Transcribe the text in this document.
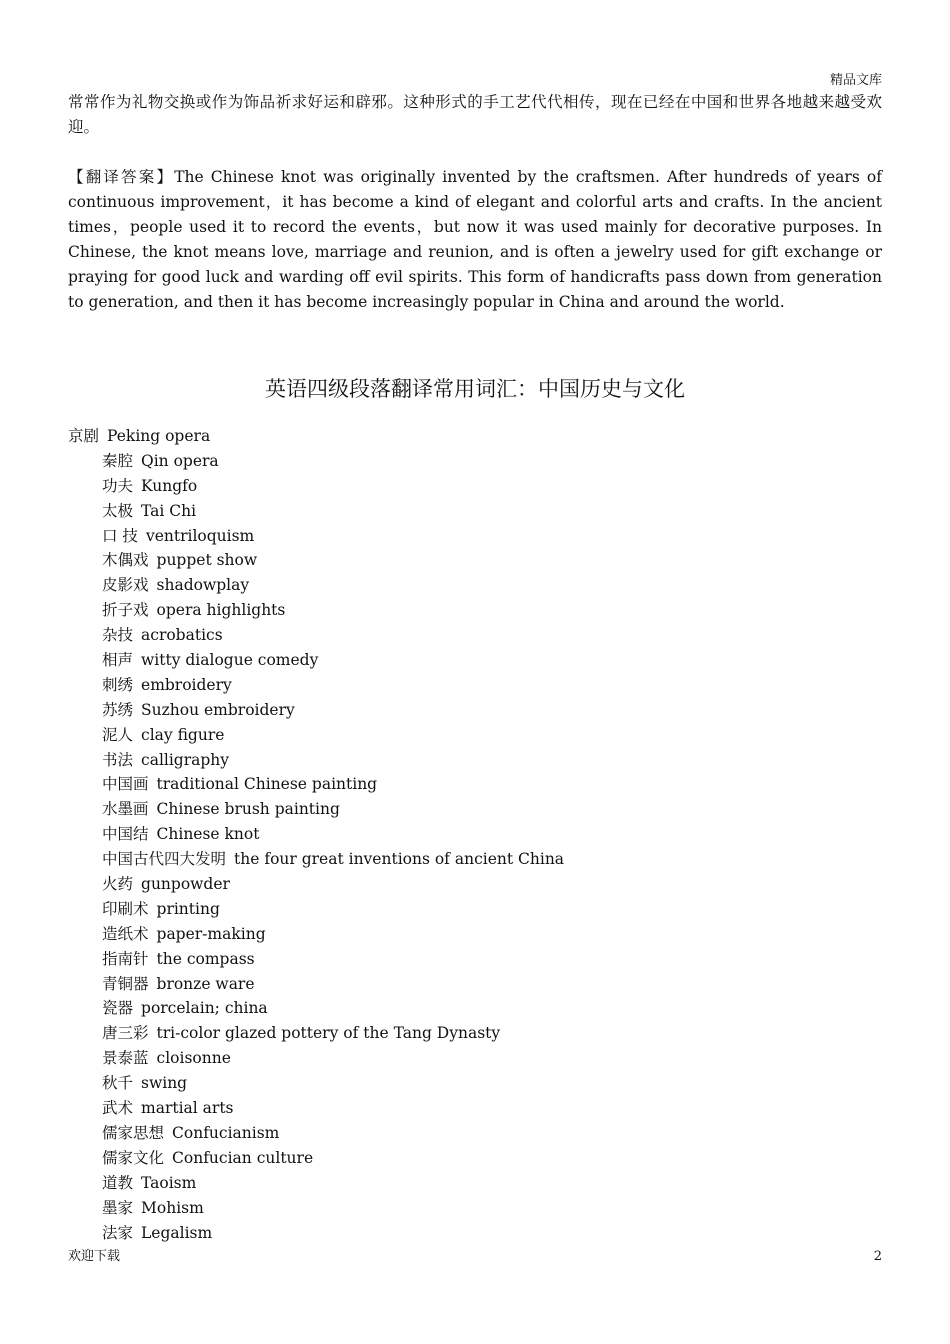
精品文库
常常作为礼物交换或作为饰品祈求好运和辟邪。这种形式的手工艺代代相传，现在已经在中国和世界各地越来越受欢迎。
【翻译答案】The Chinese knot was originally invented by the craftsmen. After hundreds of years of continuous improvement，it has become a kind of elegant and colorful arts and crafts. In the ancient times，people used it to record the events，but now it was used mainly for decorative purposes. In Chinese, the knot means love, marriage and reunion, and is often a jewelry used for gift exchange or praying for good luck and warding off evil spirits. This form of handicrafts pass down from generation to generation, and then it has become increasingly popular in China and around the world.
英语四级段落翻译常用词汇：中国历史与文化
京剧 Peking opera
秦腔 Qin opera
功夫 Kungfo
太极 Tai Chi
口 技 ventriloquism
木偶戏 puppet show
皮影戏 shadowplay
折子戏 opera highlights
杂技 acrobatics
相声 witty dialogue comedy
刺绣 embroidery
苏绣 Suzhou embroidery
泥人 clay figure
书法 calligraphy
中国画 traditional Chinese painting
水墨画 Chinese brush painting
中国结 Chinese knot
中国古代四大发明 the four great inventions of ancient China
火药 gunpowder
印刷术 printing
造纸术 paper-making
指南针 the compass
青铜器 bronze ware
瓷器 porcelain; china
唐三彩 tri-color glazed pottery of the Tang Dynasty
景泰蓝 cloisonne
秋千 swing
武术 martial arts
儒家思想 Confucianism
儒家文化 Confucian culture
道教 Taoism
墨家 Mohism
法家 Legalism
欢迎下载	2
